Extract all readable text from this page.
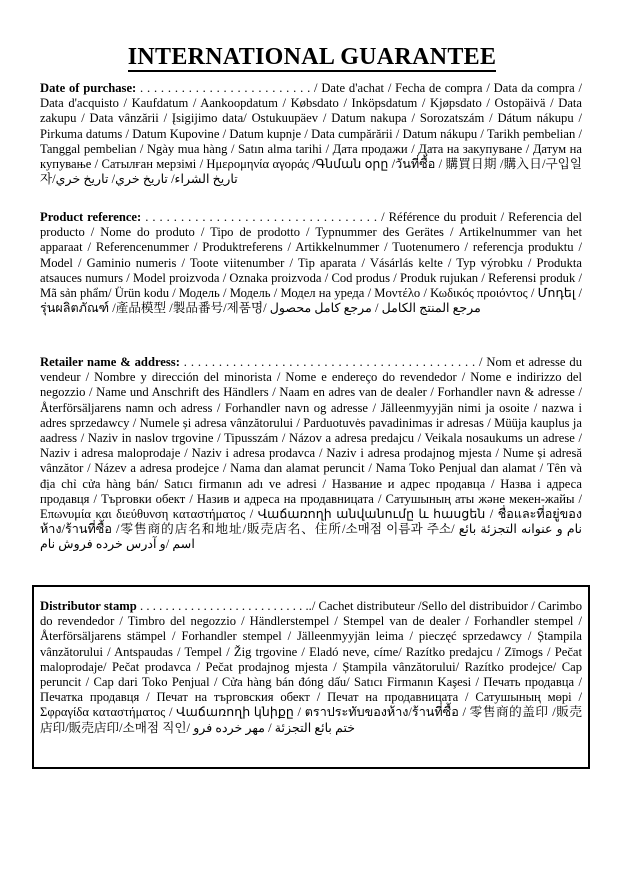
INTERNATIONAL GUARANTEE
Date of purchase: . . . . . . . . . . . . . . . . . . . . . . . . . / Date d'achat / Fecha de compra / Data da compra / Data d'acquisto / Kaufdatum / Aankoopdatum / Købsdato / Inköpsdatum / Kjøpsdato / Ostopäivä / Data zakupu / Data vânzării / Įsigijimo data/ Ostukuupäev / Datum nakupa / Sorozatszám / Dátum nákupu / Pirkuma datums / Datum Kupovine / Datum kupnje / Data cumpărării / Datum nákupu / Tarikh pembelian / Tanggal pembelian / Ngày mua hàng / Satın alma tarihi / Дата продажи / Дата на закупуване / Датум на купување / Сатылған мерзімі / Ημερομηνία αγοράς /Գնման օրը /วันที่ซื้อ / 購買日期 /購入日/구입일자/تاريخ الشراء/ تاريخ خري/ تاريخ خري
Product reference: . . . . . . . . . . . . . . . . . . . . . . . . . . . . . . . . . / Référence du produit / Referencia del producto / Nome do produto / Tipo de prodotto / Typnummer des Gerätes / Artikelnummer van het apparaat / Referencenummer / Produktreferens / Artikkelnummer / Tuotenumero / referencja produktu / Model / Gaminio numeris / Toote viitenumber / Tip aparata / Vásárlás kelte / Typ výrobku / Produkta atsauces numurs / Model proizvoda / Oznaka proizvoda / Cod produs / Produk rujukan / Referensi produk / Mã sản phẩm/ Ürün kodu / Модель / Модель / Модел на уреда / Μοντέλο / Κωδικός προιόντος / Մոդել / รุ่นผลิตภัณฑ์ /產品模型 /製品番号/제품명/ مرجع المنتج الكامل / مرجع كامل محصول
Retailer name & address: . . . . . . . . . . . . . . . . . . . . . . . . . . . . . . . . . . . . . . . . . . / Nom et adresse du vendeur / Nombre y dirección del minorista / Nome e endereço do revendedor / Nome e indirizzo del negozzio / Name und Anschrift des Händlers / Naam en adres van de dealer / Forhandler navn & adresse / Återförsäljarens namn och adress / Forhandler navn og adresse / Jälleenmyyjän nimi ja osoite / nazwa i adres sprzedawcy / Numele și adresa vânzătorului / Parduotuvės pavadinimas ir adresas / Müüja kauplus ja aadress / Naziv in naslov trgovine / Tipusszám / Názov a adresa predajcu / Veikala nosaukums un adrese / Naziv i adresa maloprodaje / Naziv i adresa prodavca / Naziv i adresa prodajnog mjesta / Nume și adresă vânzător / Název a adresa prodejce / Nama dan alamat peruncit / Nama Toko Penjual dan alamat / Tên và địa chỉ cửa hàng bán/ Satıcı firmanın adı ve adresi / Название и адрес продавца / Назва і адреса продавця / Търговки обект / Назив и адреса на продавницата / Сатушының аты және мекен-жайы / Επωνυμία και διεύθυνση καταστήματος / Վաճառողի անվանումը և հասցեն / ชื่อและที่อยู่ของห้าง/ร้านที่ซื้อ /零售商的店名和地址/販売店名、住所/소매점 이름과 주소/ نام و عنوانه التجزئة بائع اسم /و آدرس خرده فروش نام
Distributor stamp . . . . . . . . . . . . . . . . . . . . . . . . . . ../ Cachet distributeur /Sello del distribuidor / Carimbo do revendedor / Timbro del negozzio / Händlerstempel / Stempel van de dealer / Forhandler stempel / Återförsäljarens stämpel / Forhandler stempel / Jälleenmyyjän leima / pieczęć sprzedawcy / Ștampila vânzătorului / Antspaudas / Tempel / Žig trgovine / Eladó neve, címe/ Razítko predajcu / Zīmogs / Pečat maloprodaje/ Pečat prodavca / Pečat prodajnog mjesta / Ștampila vânzătorului/ Razítko prodejce/ Cap peruncit / Cap dari Toko Penjual / Cửa hàng bán đóng dấu/ Satıcı Firmanın Kaşesi / Печать продавца / Печатка продавця / Печат на търговския обект / Печат на продавницата / Сатушының мөрі / Σφραγίδα καταστήματος / Վաճառողի կնիքը / ตราประทับของห้าง/ร้านที่ซื้อ / 零售商的盖印 /販売店印/販売店印/소매점 직인/ ختم بائع التجزئة / مهر خرده فرو
